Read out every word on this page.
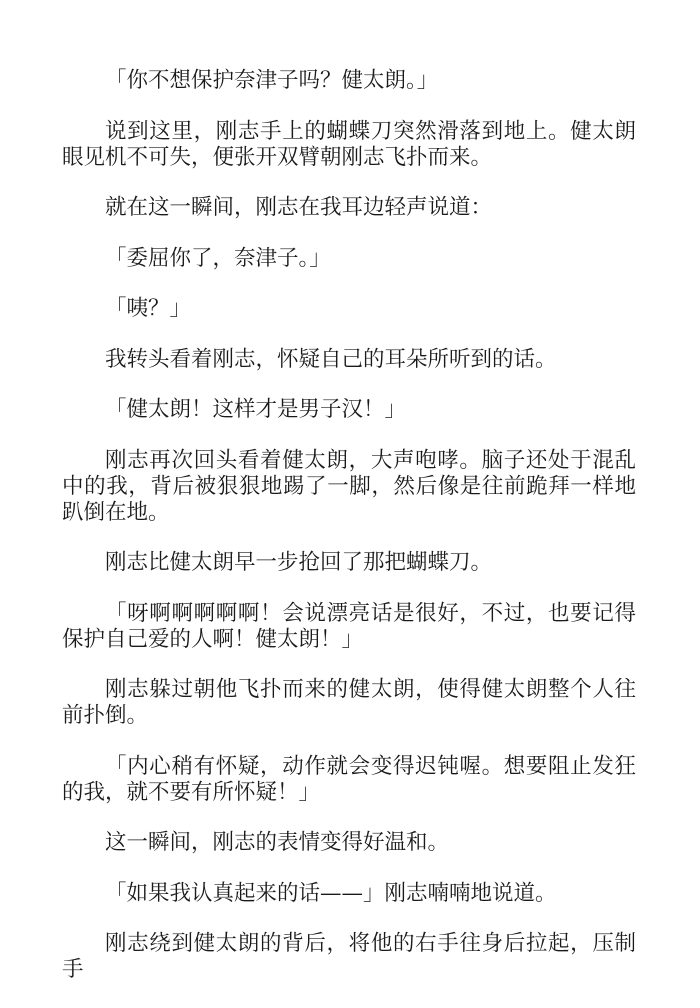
「你不想保护奈津子吗？健太朗。」

说到这里，刚志手上的蝴蝶刀突然滑落到地上。健太朗眼见机不可失，便张开双臂朝刚志飞扑而来。

就在这一瞬间，刚志在我耳边轻声说道：

「委屈你了，奈津子。」

「咦？」

我转头看着刚志，怀疑自己的耳朵所听到的话。

「健太朗！这样才是男子汉！」

刚志再次回头看着健太朗，大声咆哮。脑子还处于混乱中的我，背后被狠狠地踢了一脚，然后像是往前跪拜一样地趴倒在地。

刚志比健太朗早一步抢回了那把蝴蝶刀。

「呀啊啊啊啊啊！会说漂亮话是很好，不过，也要记得保护自己爱的人啊！健太朗！」

刚志躲过朝他飞扑而来的健太朗，使得健太朗整个人往前扑倒。

「内心稍有怀疑，动作就会变得迟钝喔。想要阻止发狂的我，就不要有所怀疑！」

这一瞬间，刚志的表情变得好温和。

「如果我认真起来的话——」刚志喃喃地说道。

刚志绕到健太朗的背后，将他的右手往身后拉起，压制手
